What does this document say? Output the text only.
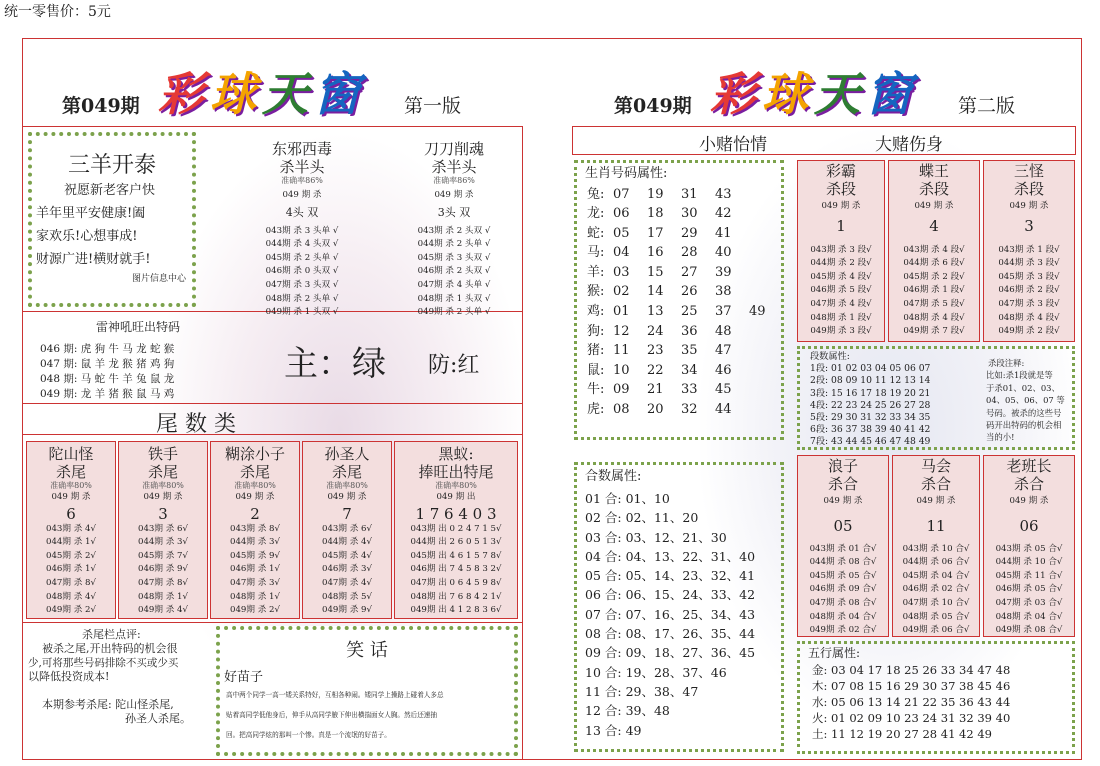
统一零售价：5元
第049期 彩球天窗 第一版
三羊开泰
祝愿新老客户快
羊年里平安健康!阖
家欢乐!心想事成!
财源广进!横财就手!
图片信息中心
东邪西毒
杀半头
准确率86%
049 期 杀
4头 双
043期 杀 3 头单 √
044期 杀 4 头双 √
045期 杀 2 头单 √
046期 杀 0 头双 √
047期 杀 3 头双 √
048期 杀 2 头单 √
049期 杀 1 头双 √
刀刀削魂
杀半头
准确率86%
049 期 杀
3头 双
043期 杀 2 头双 √
044期 杀 2 头单 √
045期 杀 3 头双 √
046期 杀 2 头双 √
047期 杀 4 头单 √
048期 杀 1 头双 √
049期 杀 2 头单 √
雷神吼旺出特码
046 期: 虎 狗 牛 马 龙 蛇 猴
047 期: 鼠 羊 龙 猴 猪 鸡 狗
048 期: 马 蛇 牛 羊 兔 鼠 龙
049 期: 龙 羊 猪 猴 鼠 马 鸡
主：绿 防:红
尾 数 类
陀山怪
杀尾
准确率80%
049 期 杀
6
043期 杀 4√
044期 杀 1√
045期 杀 2√
046期 杀 1√
047期 杀 8√
048期 杀 4√
049期 杀 2√
铁手
杀尾
准确率80%
049 期 杀
3
043期 杀 6√
044期 杀 3√
045期 杀 7√
046期 杀 9√
047期 杀 8√
048期 杀 1√
049期 杀 4√
糊涂小子
杀尾
准确率80%
049 期 杀
2
043期 杀 8√
044期 杀 3√
045期 杀 9√
046期 杀 1√
047期 杀 3√
048期 杀 1√
049期 杀 2√
孙圣人
杀尾
准确率80%
049 期 杀
7
043期 杀 6√
044期 杀 4√
045期 杀 4√
046期 杀 3√
047期 杀 4√
048期 杀 5√
049期 杀 9√
黑蚁:
捧旺出特尾
准确率80%
049 期 出
1 7 6 4 0 3
043期 出 0 2 4 7 1 5√
044期 出 2 6 0 5 1 3√
045期 出 4 6 1 5 7 8√
046期 出 7 4 5 8 3 2√
047期 出 0 6 4 5 9 8√
048期 出 7 6 8 4 2 1√
049期 出 4 1 2 8 3 6√
杀尾栏点评:
被杀之尾,开出特码的机会很
少,可将那些号码排除不买或少买
以降低投资成本!
本期参考杀尾: 陀山怪杀尾,
孙圣人杀尾。
笑 话
好苗子
高中两个同学一高一矮关系特好，互相各种闹。矮同学上操路上碰着人多总
贴着高同学低他身后，伸手从高同学腋下伸出横揣面女人胸。然后还速抽
回。把高同学炫的那叫一个惨。真是一个流氓的好苗子。
第049期 彩球天窗 第二版
小赌怡情	大赌伤身
生肖号码属性:
兔: 07 19 31 43
龙: 06 18 30 42
蛇: 05 17 29 41
马: 04 16 28 40
羊: 03 15 27 39
猴: 02 14 26 38
鸡: 01 13 25 37 49
狗: 12 24 36 48
猪: 11 23 35 47
鼠: 10 22 34 46
牛: 09 21 33 45
虎: 08 20 32 44
合数属性:
01 合: 01、10
02 合: 02、11、20
03 合: 03、12、21、30
04 合: 04、13、22、31、40
05 合: 05、14、23、32、41
06 合: 06、15、24、33、42
07 合: 07、16、25、34、43
08 合: 08、17、26、35、44
09 合: 09、18、27、36、45
10 合: 19、28、37、46
11 合: 29、38、47
12 合: 39、48
13 合: 49
彩霸
杀段
049 期 杀
1
043期 杀 3 段√
044期 杀 2 段√
045期 杀 4 段√
046期 杀 5 段√
047期 杀 4 段√
048期 杀 1 段√
049期 杀 3 段√
蝶王
杀段
049 期 杀
4
043期 杀 4 段√
044期 杀 6 段√
045期 杀 2 段√
046期 杀 1 段√
047期 杀 5 段√
048期 杀 4 段√
049期 杀 7 段√
三怪
杀段
049 期 杀
3
043期 杀 1 段√
044期 杀 3 段√
045期 杀 3 段√
046期 杀 2 段√
047期 杀 3 段√
048期 杀 4 段√
049期 杀 2 段√
段数属性:
1段: 01 02 03 04 05 06 07
2段: 08 09 10 11 12 13 14
3段: 15 16 17 18 19 20 21
4段: 22 23 24 25 26 27 28
5段: 29 30 31 32 33 34 35
6段: 36 37 38 39 40 41 42
7段: 43 44 45 46 47 48 49
杀段注释:
比如:杀1段就是等
于杀01、02、03、
04、05、06、07 等
号码。被杀的这些号
码开出特码的机会相
当的小!
浪子
杀合
049 期 杀
05
043期 杀 01 合√
044期 杀 08 合√
045期 杀 05 合√
046期 杀 09 合√
047期 杀 08 合√
048期 杀 04 合√
049期 杀 02 合√
马会
杀合
049 期 杀
11
043期 杀 10 合√
044期 杀 06 合√
045期 杀 04 合√
046期 杀 02 合√
047期 杀 10 合√
048期 杀 05 合√
049期 杀 06 合√
老班长
杀合
049 期 杀
06
043期 杀 05 合√
044期 杀 10 合√
045期 杀 11 合√
046期 杀 05 合√
047期 杀 03 合√
048期 杀 04 合√
049期 杀 08 合√
五行属性:
金: 03 04 17 18 25 26 33 34 47 48
木: 07 08 15 16 29 30 37 38 45 46
水: 05 06 13 14 21 22 35 36 43 44
火: 01 02 09 10 23 24 31 32 39 40
土: 11 12 19 20 27 28 41 42 49
